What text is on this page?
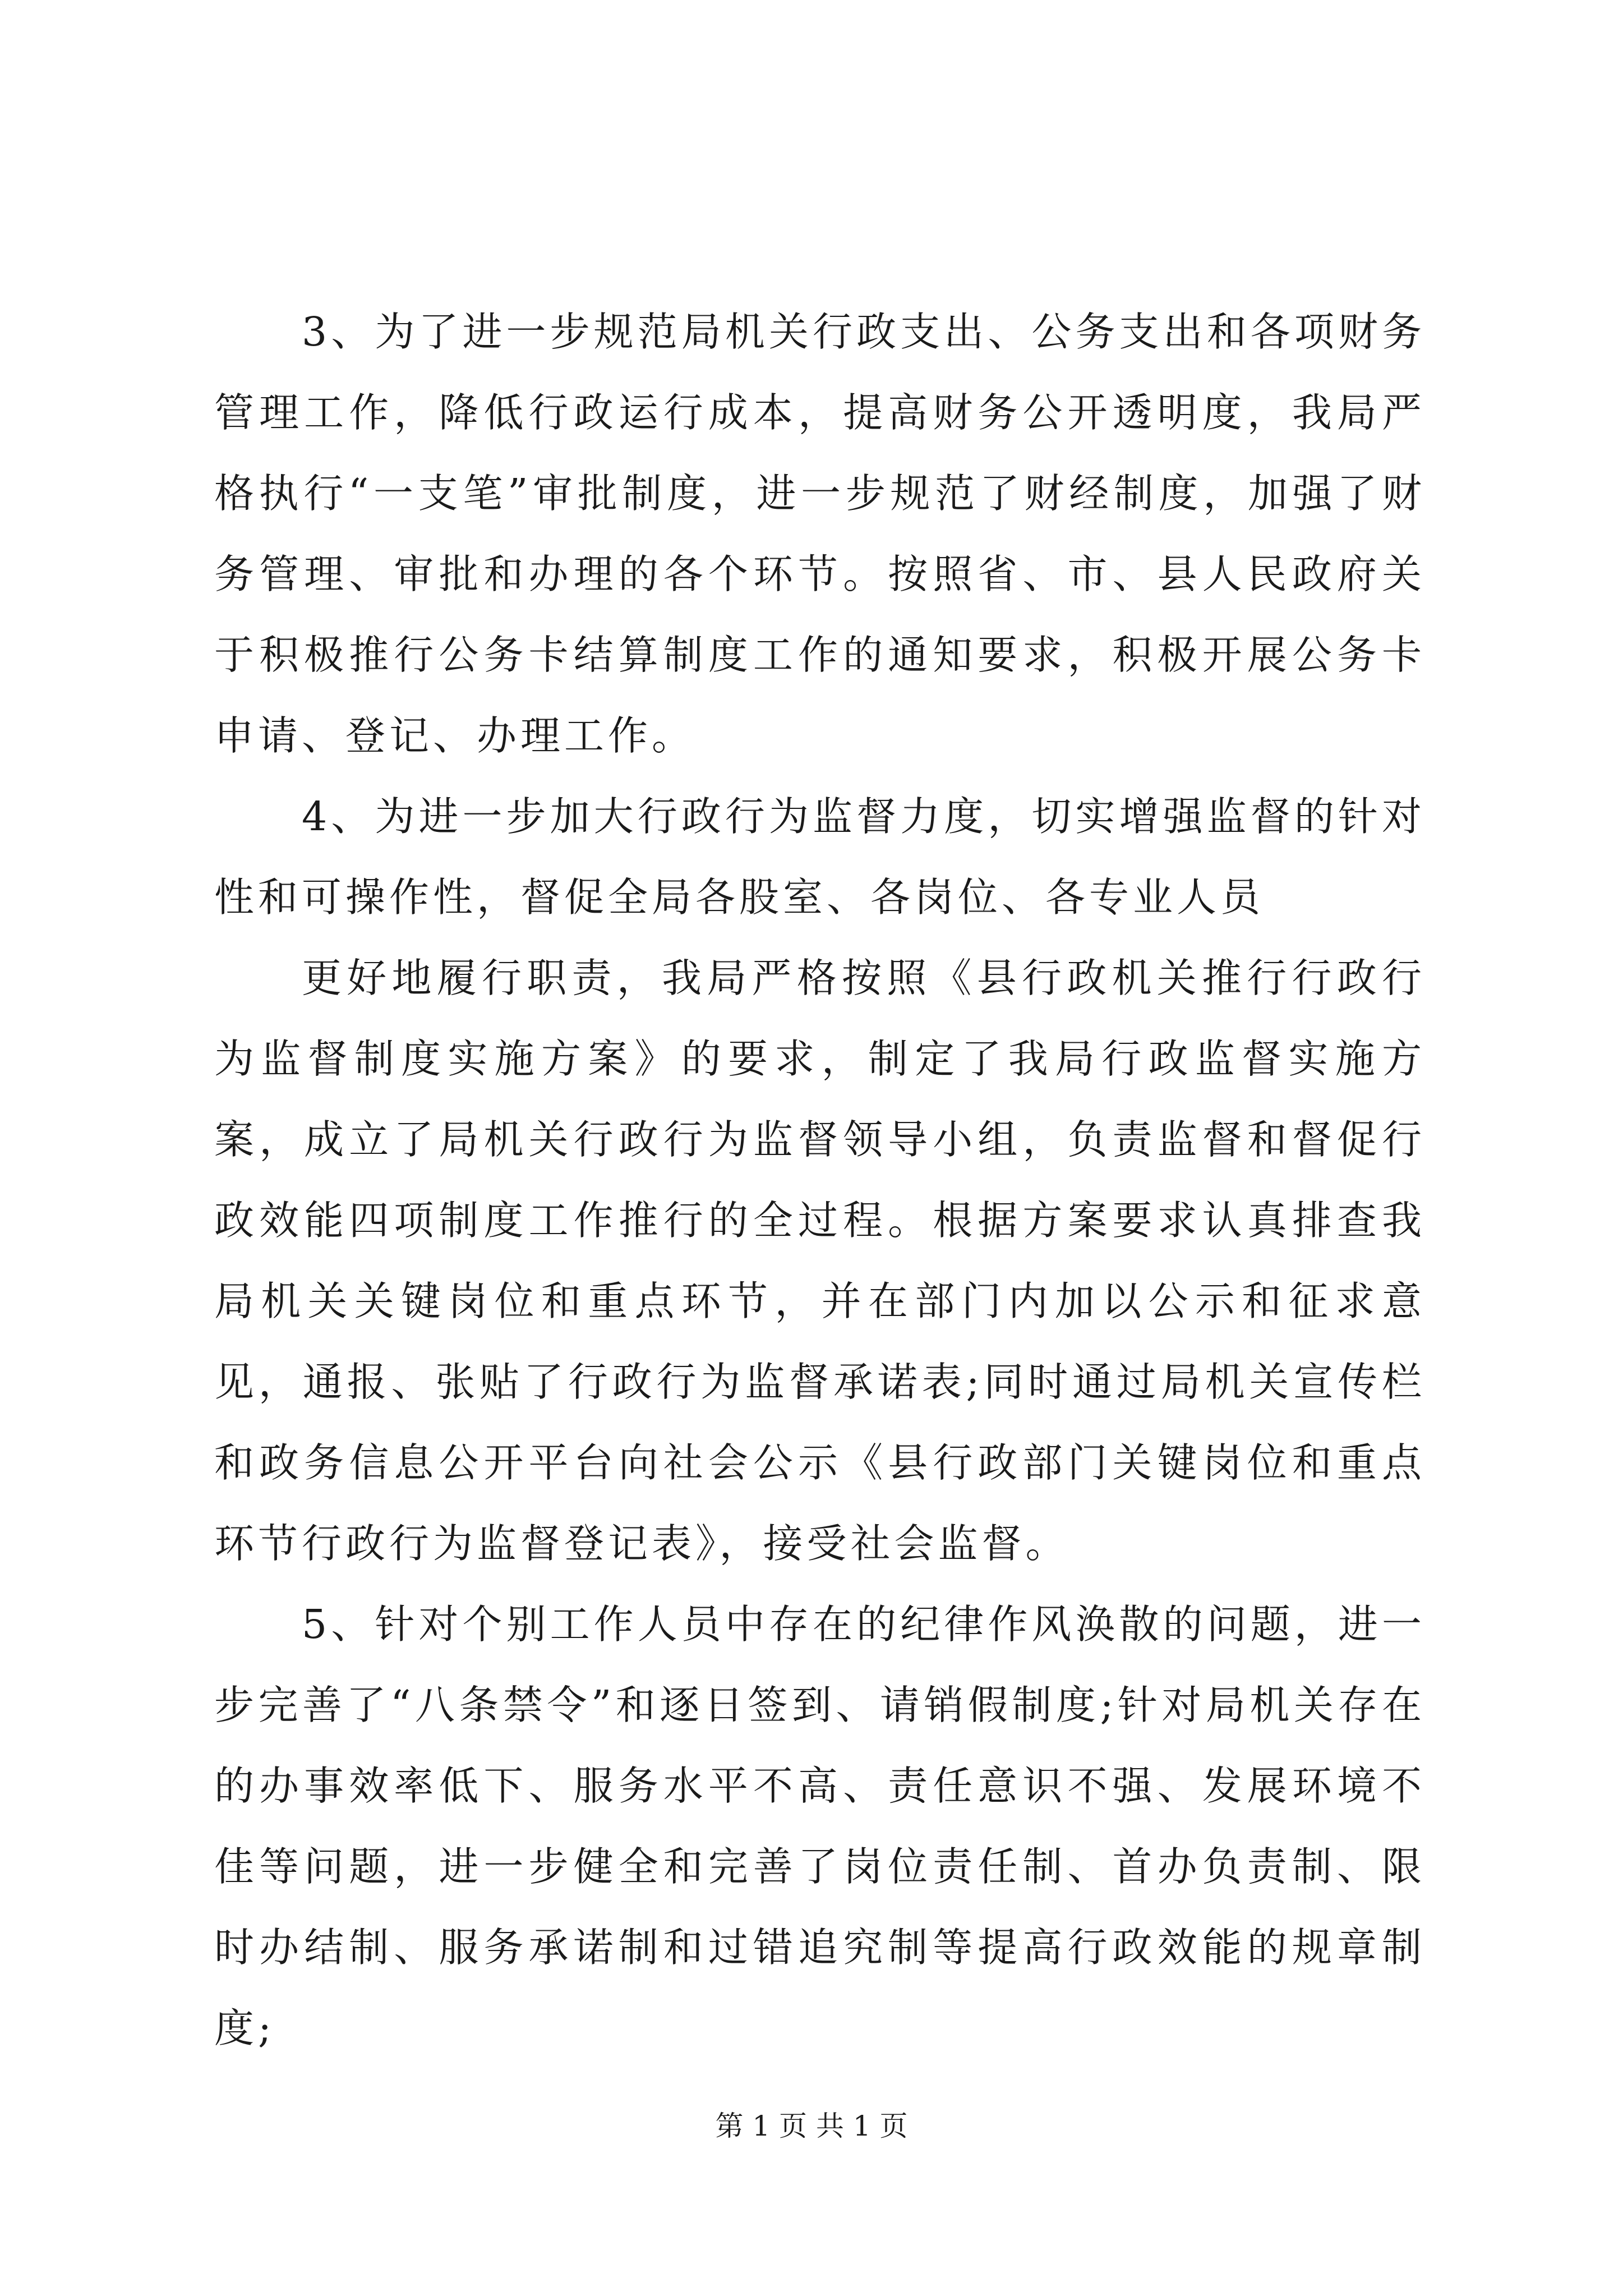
3、为了进一步规范局机关行政支出、公务支出和各项财务管理工作，降低行政运行成本，提高财务公开透明度，我局严格执行“一支笔”审批制度，进一步规范了财经制度，加强了财务管理、审批和办理的各个环节。按照省、市、县人民政府关于积极推行公务卡结算制度工作的通知要求，积极开展公务卡申请、登记、办理工作。

4、为进一步加大行政行为监督力度，切实增强监督的针对性和可操作性，督促全局各股室、各岗位、各专业人员

更好地履行职责，我局严格按照《县行政机关推行行政行为监督制度实施方案》的要求，制定了我局行政监督实施方案，成立了局机关行政行为监督领导小组，负责监督和督促行政效能四项制度工作推行的全过程。根据方案要求认真排查我局机关关键岗位和重点环节，并在部门内加以公示和征求意见，通报、张贴了行政行为监督承诺表;同时通过局机关宣传栏和政务信息公开平台向社会公示《县行政部门关键岗位和重点环节行政行为监督登记表》，接受社会监督。

5、针对个别工作人员中存在的纪律作风涣散的问题，进一步完善了“八条禁令”和逐日签到、请销假制度;针对局机关存在的办事效率低下、服务水平不高、责任意识不强、发展环境不佳等问题，进一步健全和完善了岗位责任制、首办负责制、限时办结制、服务承诺制和过错追究制等提高行政效能的规章制度;

第 1 页 共 1 页
